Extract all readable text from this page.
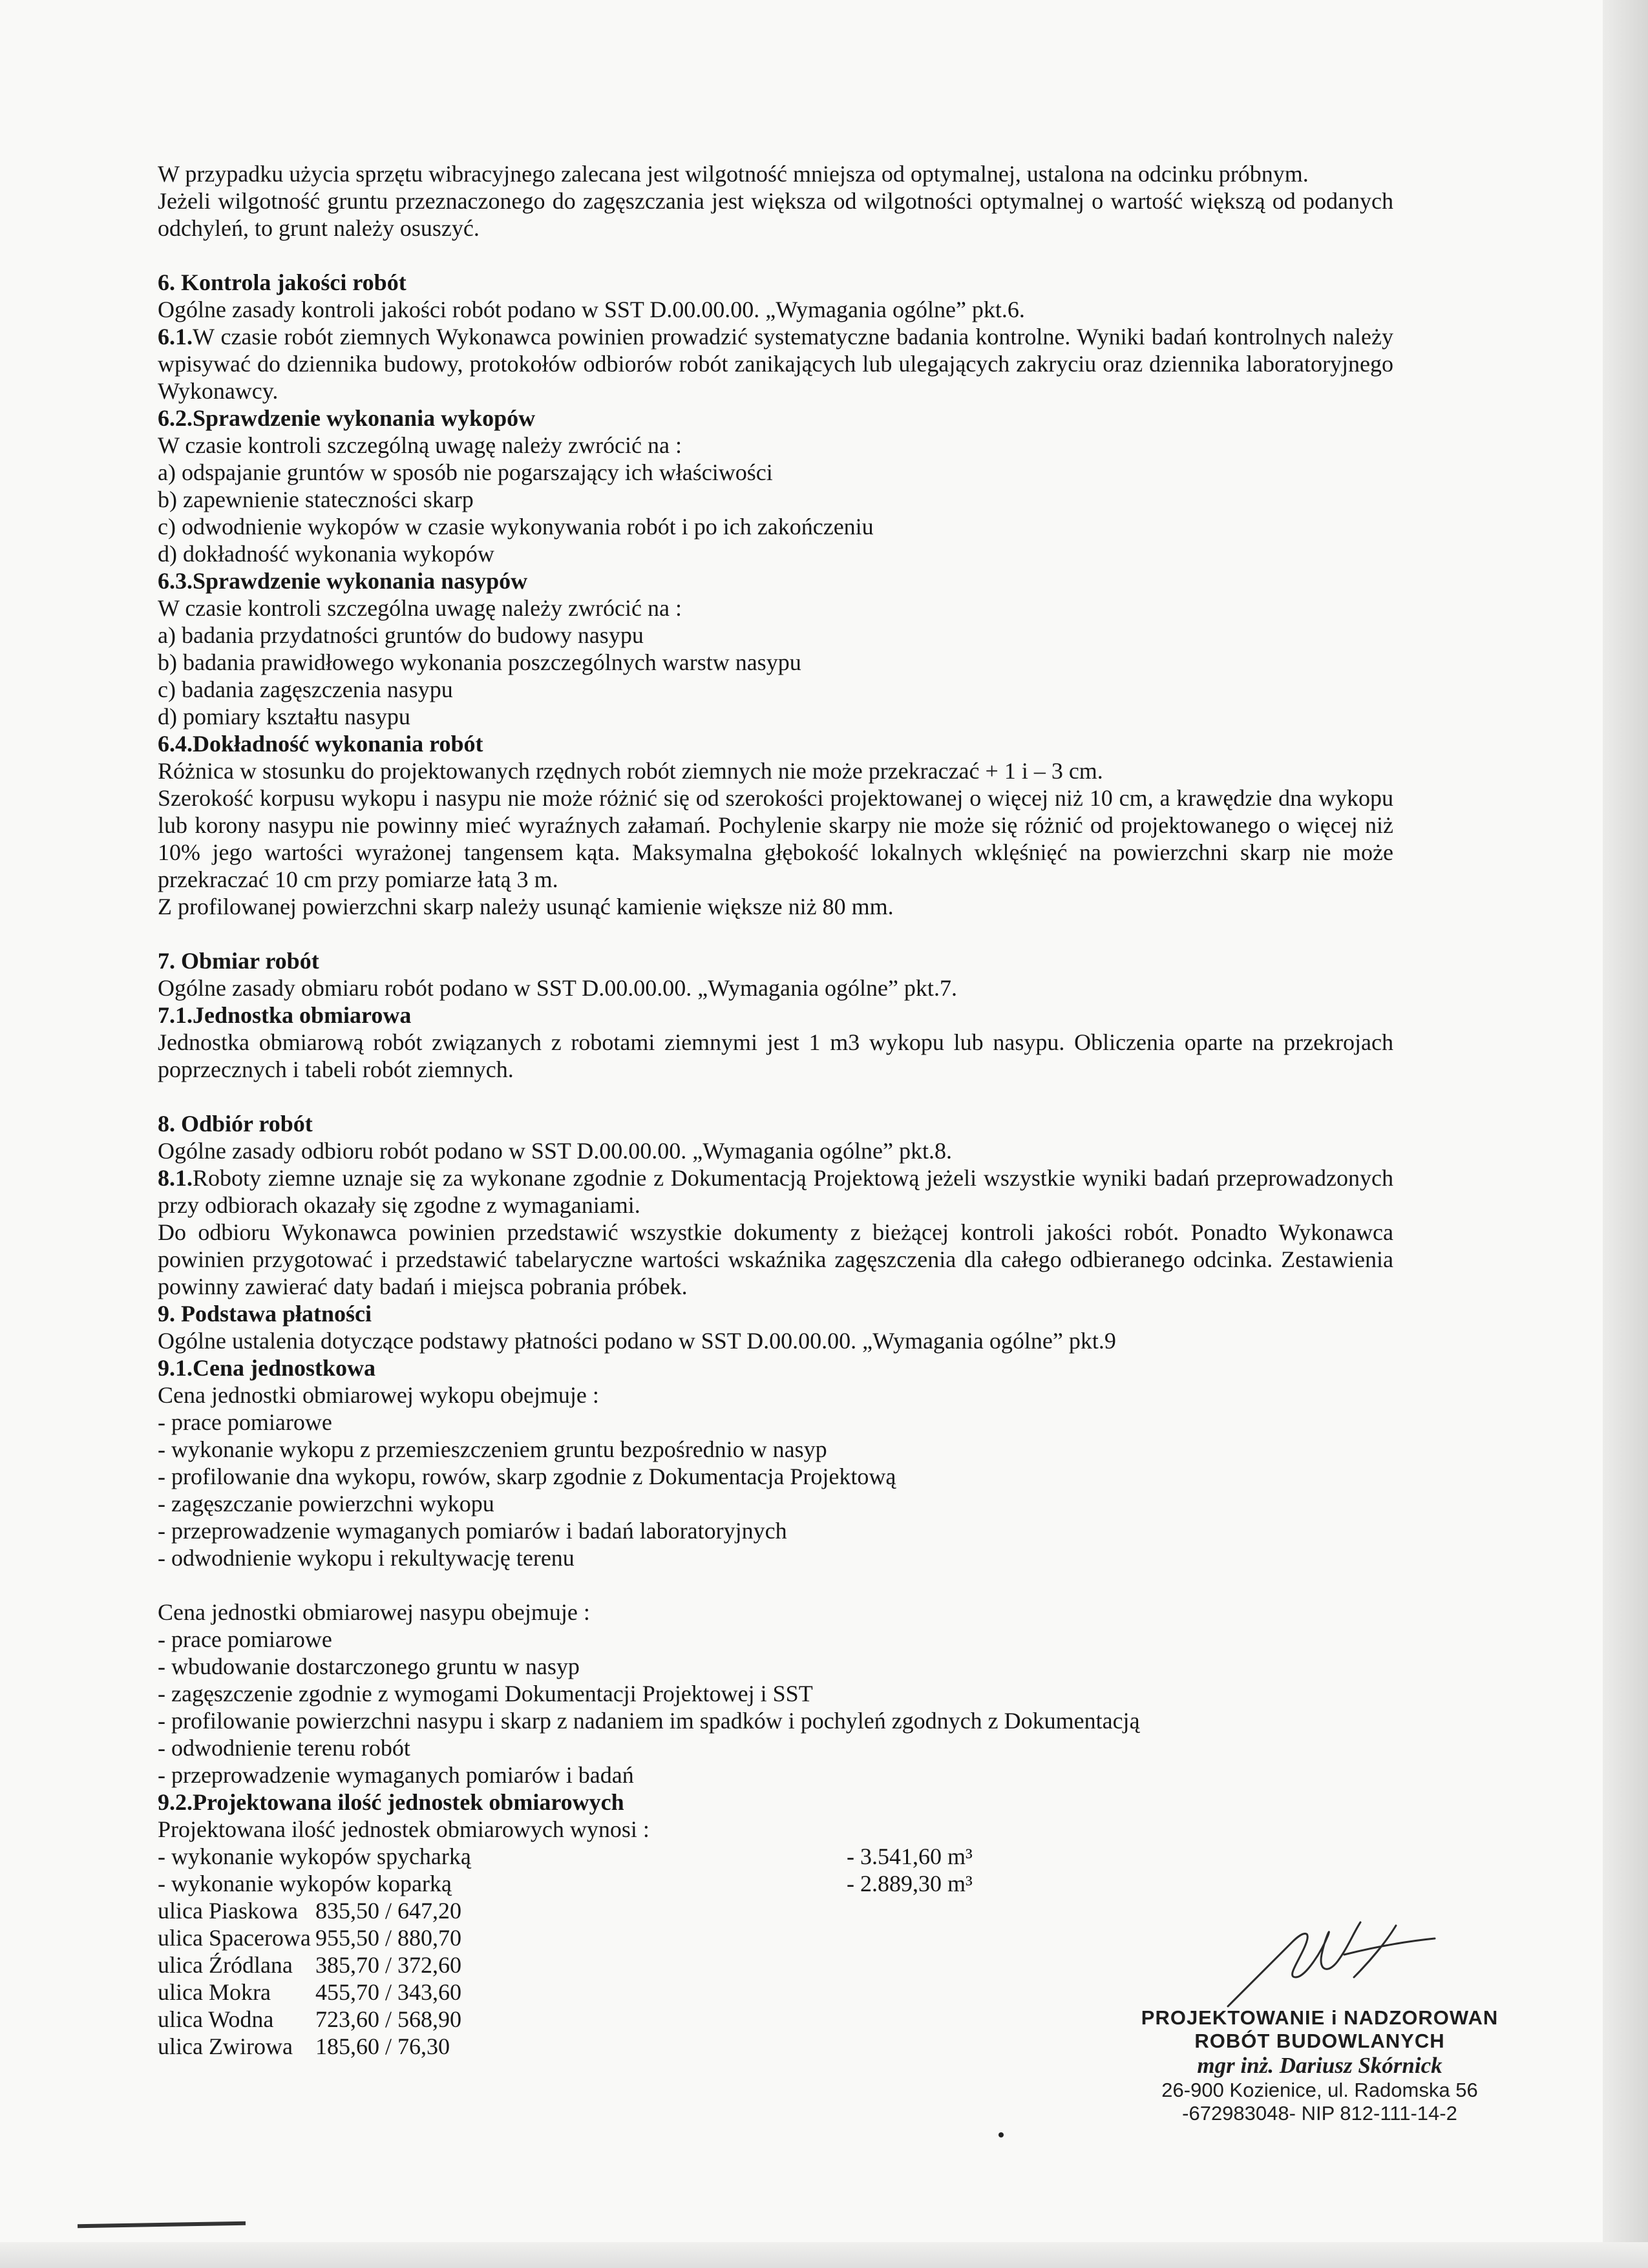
W przypadku użycia sprzętu wibracyjnego zalecana jest wilgotność mniejsza od optymalnej, ustalona na odcinku próbnym.

Jeżeli wilgotność gruntu przeznaczonego do zagęszczania jest większa od wilgotności optymalnej o wartość większą od podanych odchyleń, to grunt należy osuszyć.

6. Kontrola jakości robót

Ogólne zasady kontroli jakości robót podano w SST D.00.00.00. „Wymagania ogólne” pkt.6.

6.1.W czasie robót ziemnych Wykonawca powinien prowadzić systematyczne badania kontrolne. Wyniki badań kontrolnych należy wpisywać do dziennika budowy, protokołów odbiorów robót zanikających lub ulegających zakryciu oraz dziennika laboratoryjnego Wykonawcy.

6.2.Sprawdzenie wykonania wykopów

W czasie kontroli szczególną uwagę należy zwrócić na :

a) odspajanie gruntów w sposób nie pogarszający ich właściwości

b) zapewnienie stateczności skarp

c) odwodnienie wykopów w czasie wykonywania robót i po ich zakończeniu

d) dokładność wykonania wykopów

6.3.Sprawdzenie wykonania nasypów

W czasie kontroli szczególna uwagę należy zwrócić na :

a) badania przydatności gruntów do budowy nasypu

b) badania prawidłowego wykonania poszczególnych warstw nasypu

c) badania zagęszczenia nasypu

d) pomiary kształtu nasypu

6.4.Dokładność wykonania robót

Różnica w stosunku do projektowanych rzędnych robót ziemnych nie może przekraczać + 1 i – 3 cm.

Szerokość korpusu wykopu i nasypu nie może różnić się od szerokości projektowanej o więcej niż 10 cm, a krawędzie dna wykopu lub korony nasypu nie powinny mieć wyraźnych załamań. Pochylenie skarpy nie może się różnić od projektowanego o więcej niż 10% jego wartości wyrażonej tangensem kąta. Maksymalna głębokość lokalnych wklęśnięć na powierzchni skarp nie może przekraczać 10 cm przy pomiarze łatą 3 m.

Z profilowanej powierzchni skarp należy usunąć kamienie większe niż 80 mm.

7. Obmiar robót

Ogólne zasady obmiaru robót podano w SST D.00.00.00. „Wymagania ogólne” pkt.7.

7.1.Jednostka obmiarowa

Jednostka obmiarową robót związanych z robotami ziemnymi jest 1 m3 wykopu lub nasypu. Obliczenia oparte na przekrojach poprzecznych i tabeli robót ziemnych.

8. Odbiór robót

Ogólne zasady odbioru robót podano w SST D.00.00.00. „Wymagania ogólne” pkt.8.

8.1.Roboty ziemne uznaje się za wykonane zgodnie z Dokumentacją Projektową jeżeli wszystkie wyniki badań przeprowadzonych przy odbiorach okazały się zgodne z wymaganiami.

Do odbioru Wykonawca powinien przedstawić wszystkie dokumenty z bieżącej kontroli jakości robót. Ponadto Wykonawca powinien przygotować i przedstawić tabelaryczne wartości wskaźnika zagęszczenia dla całego odbieranego odcinka. Zestawienia powinny zawierać daty badań i miejsca pobrania próbek.

9. Podstawa płatności

Ogólne ustalenia dotyczące podstawy płatności podano w SST D.00.00.00. „Wymagania ogólne” pkt.9

9.1.Cena jednostkowa

Cena jednostki obmiarowej wykopu obejmuje :

- prace pomiarowe

- wykonanie wykopu z przemieszczeniem gruntu bezpośrednio w nasyp

- profilowanie dna wykopu, rowów, skarp zgodnie z Dokumentacja Projektową

- zagęszczanie powierzchni wykopu

- przeprowadzenie wymaganych pomiarów i badań laboratoryjnych

- odwodnienie wykopu i rekultywację terenu

Cena jednostki obmiarowej nasypu obejmuje :

- prace pomiarowe

- wbudowanie dostarczonego gruntu w nasyp

- zagęszczenie zgodnie z wymogami Dokumentacji Projektowej i SST

- profilowanie powierzchni nasypu i skarp z nadaniem im spadków i pochyleń zgodnych z Dokumentacją

- odwodnienie terenu robót

- przeprowadzenie wymaganych pomiarów i badań

9.2.Projektowana ilość jednostek obmiarowych

Projektowana ilość jednostek obmiarowych wynosi :

- wykonanie wykopów spycharką	- 3.541,60 m³
- wykonanie wykopów koparką	- 2.889,30 m³
ulica Piaskowa 835,50 / 647,20
ulica Spacerowa 955,50 / 880,70
ulica Źródlana 385,70 / 372,60
ulica Mokra	455,70 / 343,60
ulica Wodna	723,60 / 568,90
ulica Zwirowa 185,60 / 76,30
PROJEKTOWANIE i NADZOROWAN
ROBÓT BUDOWLANYCH
mgr inż. Dariusz Skórnick
26-900 Kozienice, ul. Radomska 56
-672983048- NIP 812-111-14-2
